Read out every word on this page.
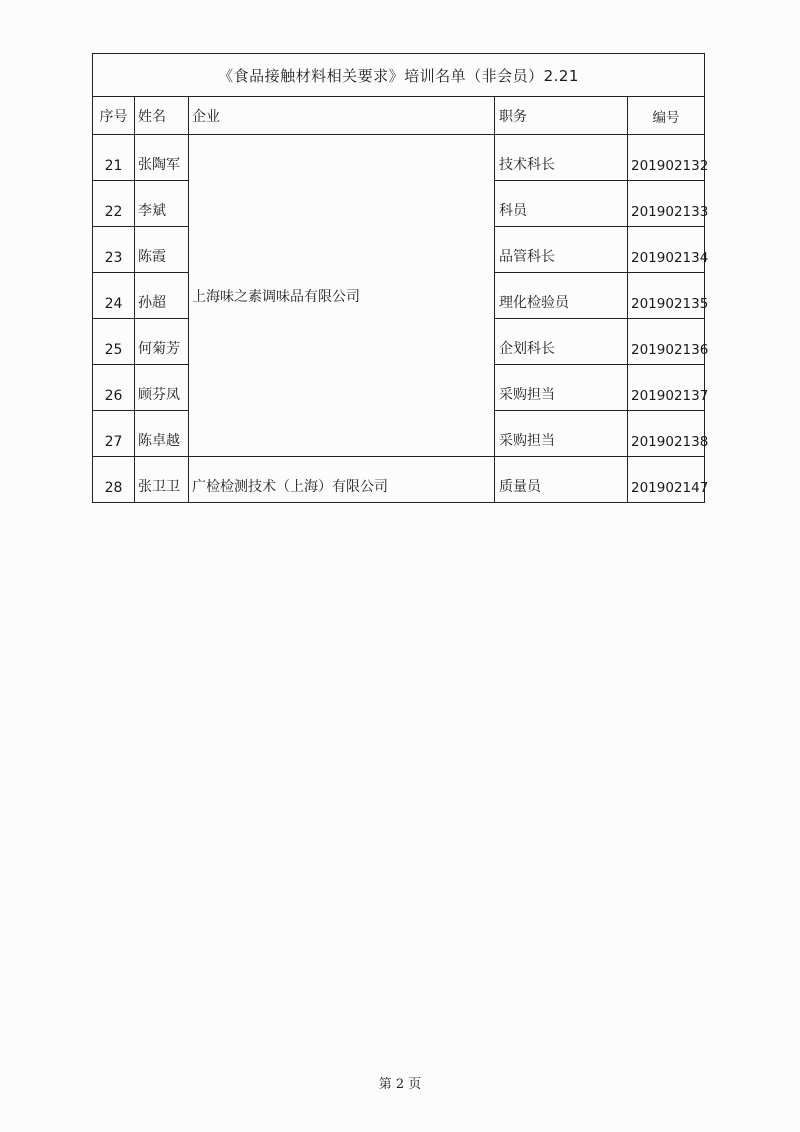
《食品接触材料相关要求》培训名单（非会员）2.21				
序号	姓名	企业	职务	编号
21	张陶军	上海味之素调味品有限公司	技术科长	201902132
22	李斌		科员	201902133
23	陈霞		品管科长	201902134
24	孙超		理化检验员	201902135
25	何菊芳		企划科长	201902136
26	顾芬凤		采购担当	201902137
27	陈卓越		采购担当	201902138
28	张卫卫	广检检测技术（上海）有限公司	质量员	201902147
第 2 页
